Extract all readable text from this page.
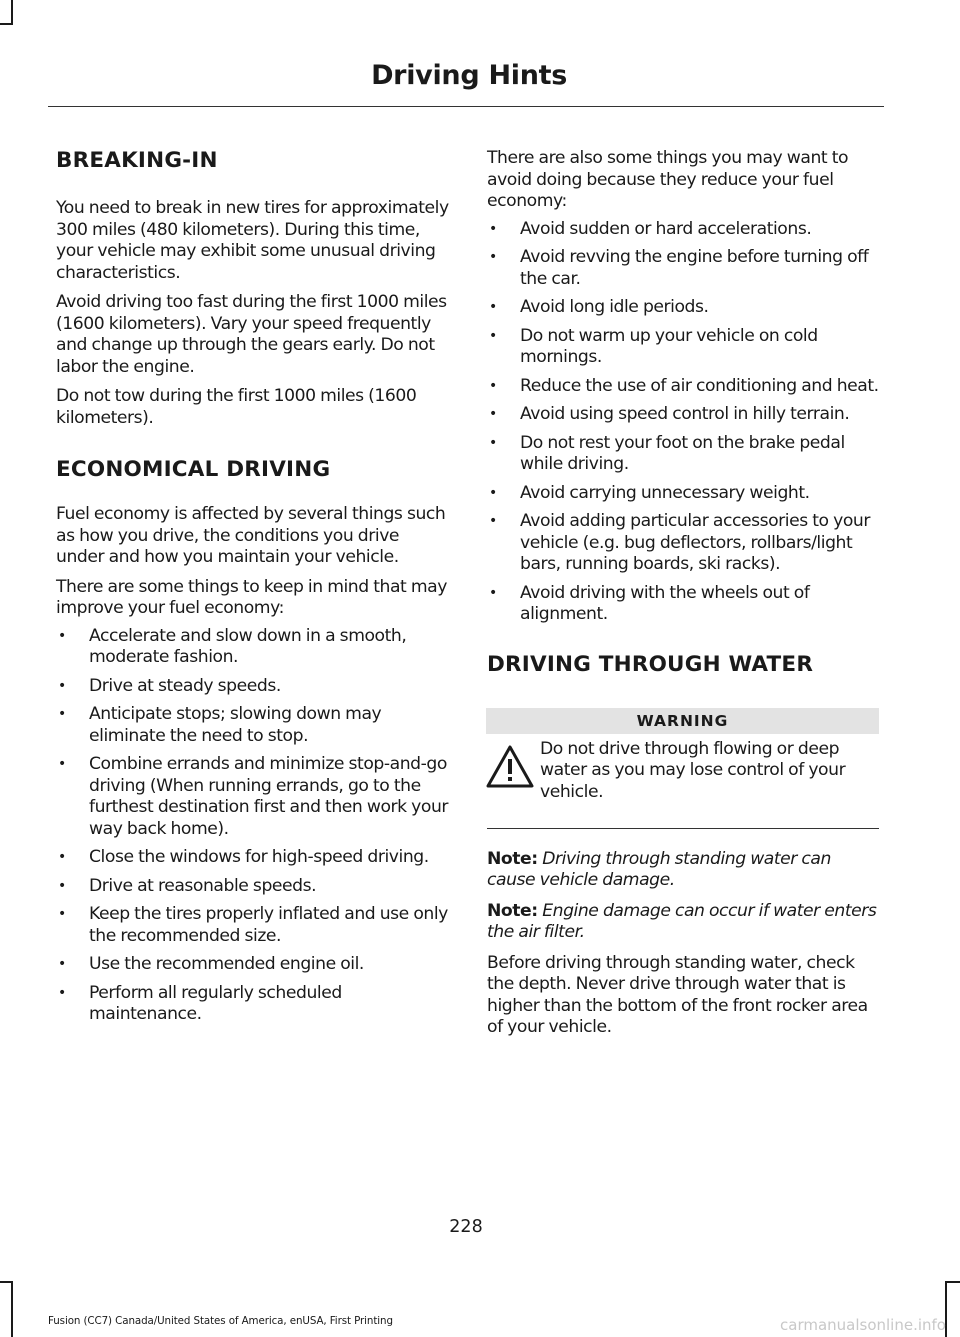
Driving Hints
BREAKING-IN

You need to break in new tires for approximately 300 miles (480 kilometers). During this time, your vehicle may exhibit some unusual driving characteristics.

Avoid driving too fast during the first 1000 miles (1600 kilometers). Vary your speed frequently and change up through the gears early. Do not labor the engine.

Do not tow during the first 1000 miles (1600 kilometers).

ECONOMICAL DRIVING

Fuel economy is affected by several things such as how you drive, the conditions you drive under and how you maintain your vehicle.

There are some things to keep in mind that may improve your fuel economy:

• Accelerate and slow down in a smooth, moderate fashion.
• Drive at steady speeds.
• Anticipate stops; slowing down may eliminate the need to stop.
• Combine errands and minimize stop-and-go driving (When running errands, go to the furthest destination first and then work your way back home).
• Close the windows for high-speed driving.
• Drive at reasonable speeds.
• Keep the tires properly inflated and use only the recommended size.
• Use the recommended engine oil.
• Perform all regularly scheduled maintenance.

There are also some things you may want to avoid doing because they reduce your fuel economy:

• Avoid sudden or hard accelerations.
• Avoid revving the engine before turning off the car.
• Avoid long idle periods.
• Do not warm up your vehicle on cold mornings.
• Reduce the use of air conditioning and heat.
• Avoid using speed control in hilly terrain.
• Do not rest your foot on the brake pedal while driving.
• Avoid carrying unnecessary weight.
• Avoid adding particular accessories to your vehicle (e.g. bug deflectors, rollbars/light bars, running boards, ski racks).
• Avoid driving with the wheels out of alignment.
DRIVING THROUGH WATER
WARNING

Do not drive through flowing or deep water as you may lose control of your vehicle.

Note: Driving through standing water can cause vehicle damage.

Note: Engine damage can occur if water enters the air filter.

Before driving through standing water, check the depth. Never drive through water that is higher than the bottom of the front rocker area of your vehicle.

228
Fusion (CC7) Canada/United States of America, enUSA, First Printing	carmanualsonline.info
